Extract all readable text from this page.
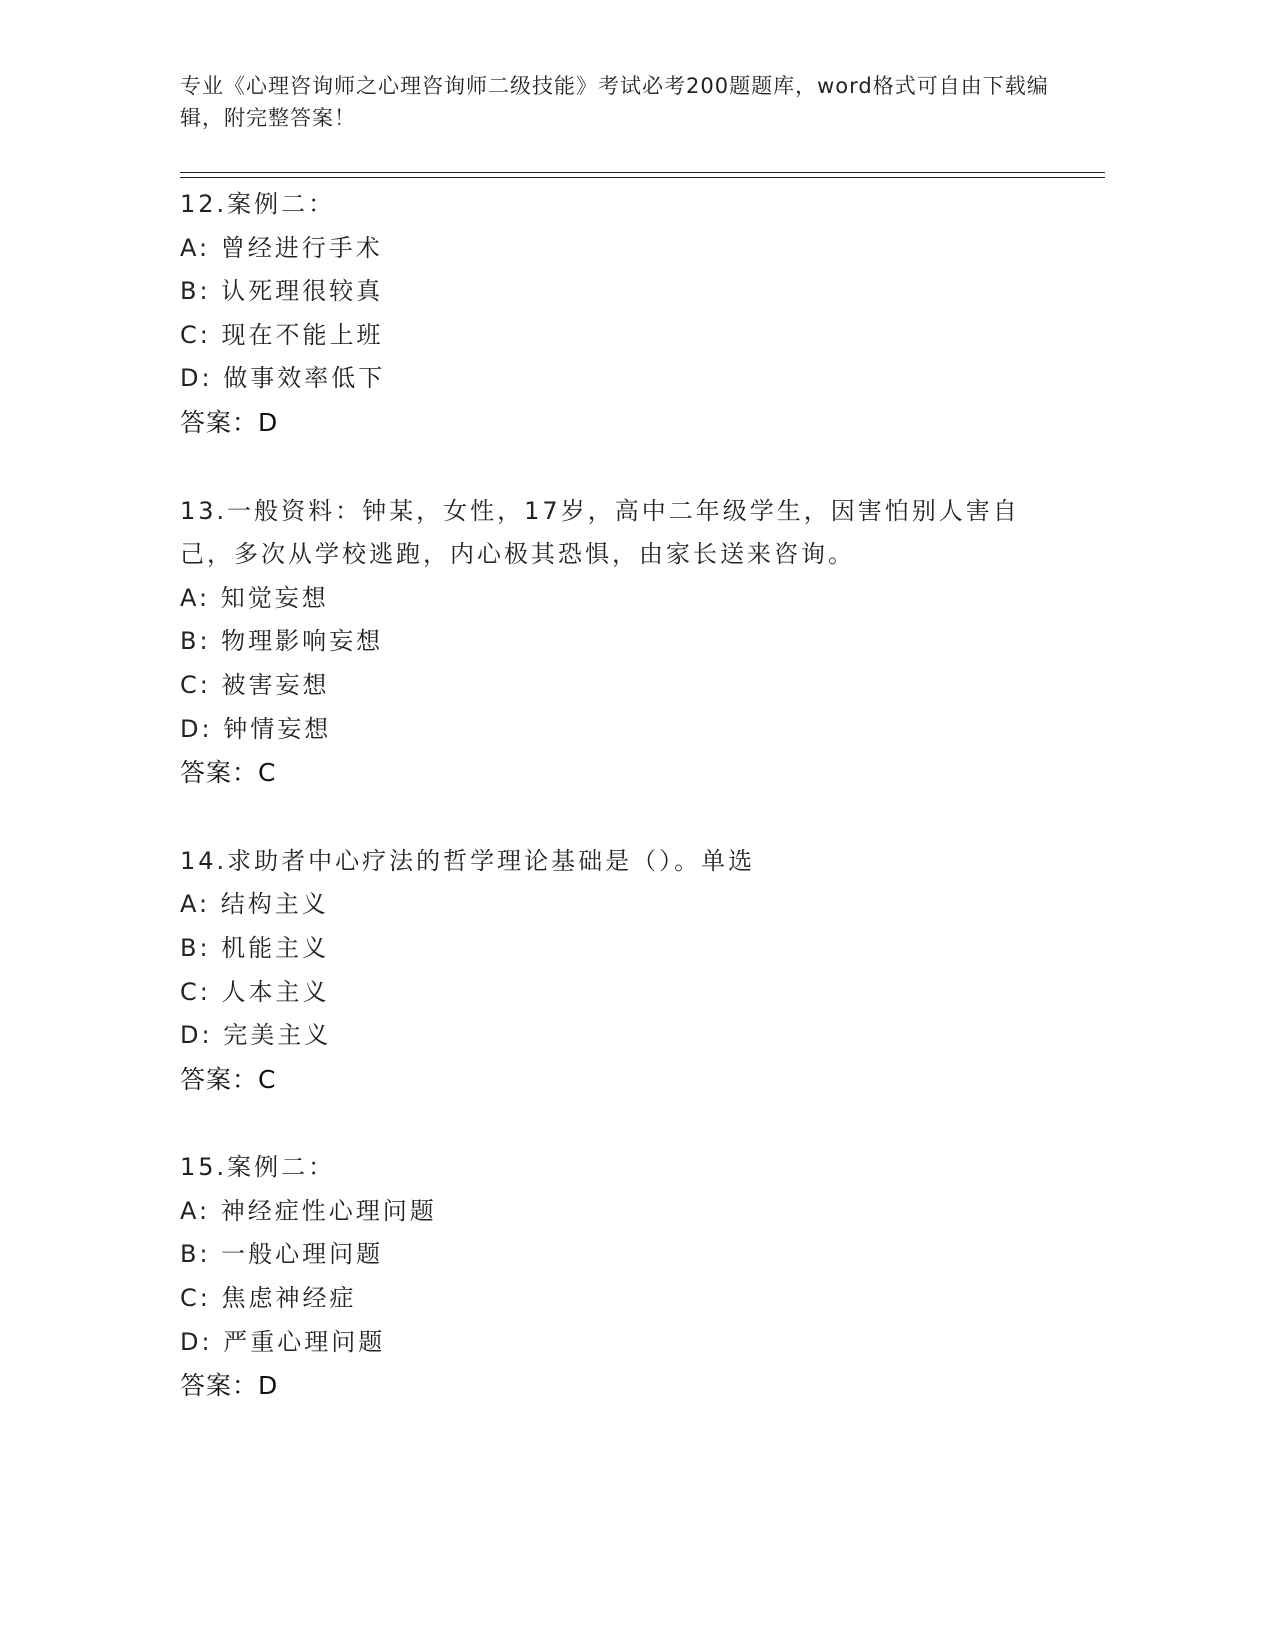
专业《心理咨询师之心理咨询师二级技能》考试必考200题题库，word格式可自由下载编辑，附完整答案！
12.案例二：
A: 曾经进行手术
B: 认死理很较真
C: 现在不能上班
D: 做事效率低下
答案：D
13.一般资料：钟某，女性，17岁，高中二年级学生，因害怕别人害自己，多次从学校逃跑，内心极其恐惧，由家长送来咨询。
A: 知觉妄想
B: 物理影响妄想
C: 被害妄想
D: 钟情妄想
答案：C
14.求助者中心疗法的哲学理论基础是（）。单选
A: 结构主义
B: 机能主义
C: 人本主义
D: 完美主义
答案：C
15.案例二：
A: 神经症性心理问题
B: 一般心理问题
C: 焦虑神经症
D: 严重心理问题
答案：D
